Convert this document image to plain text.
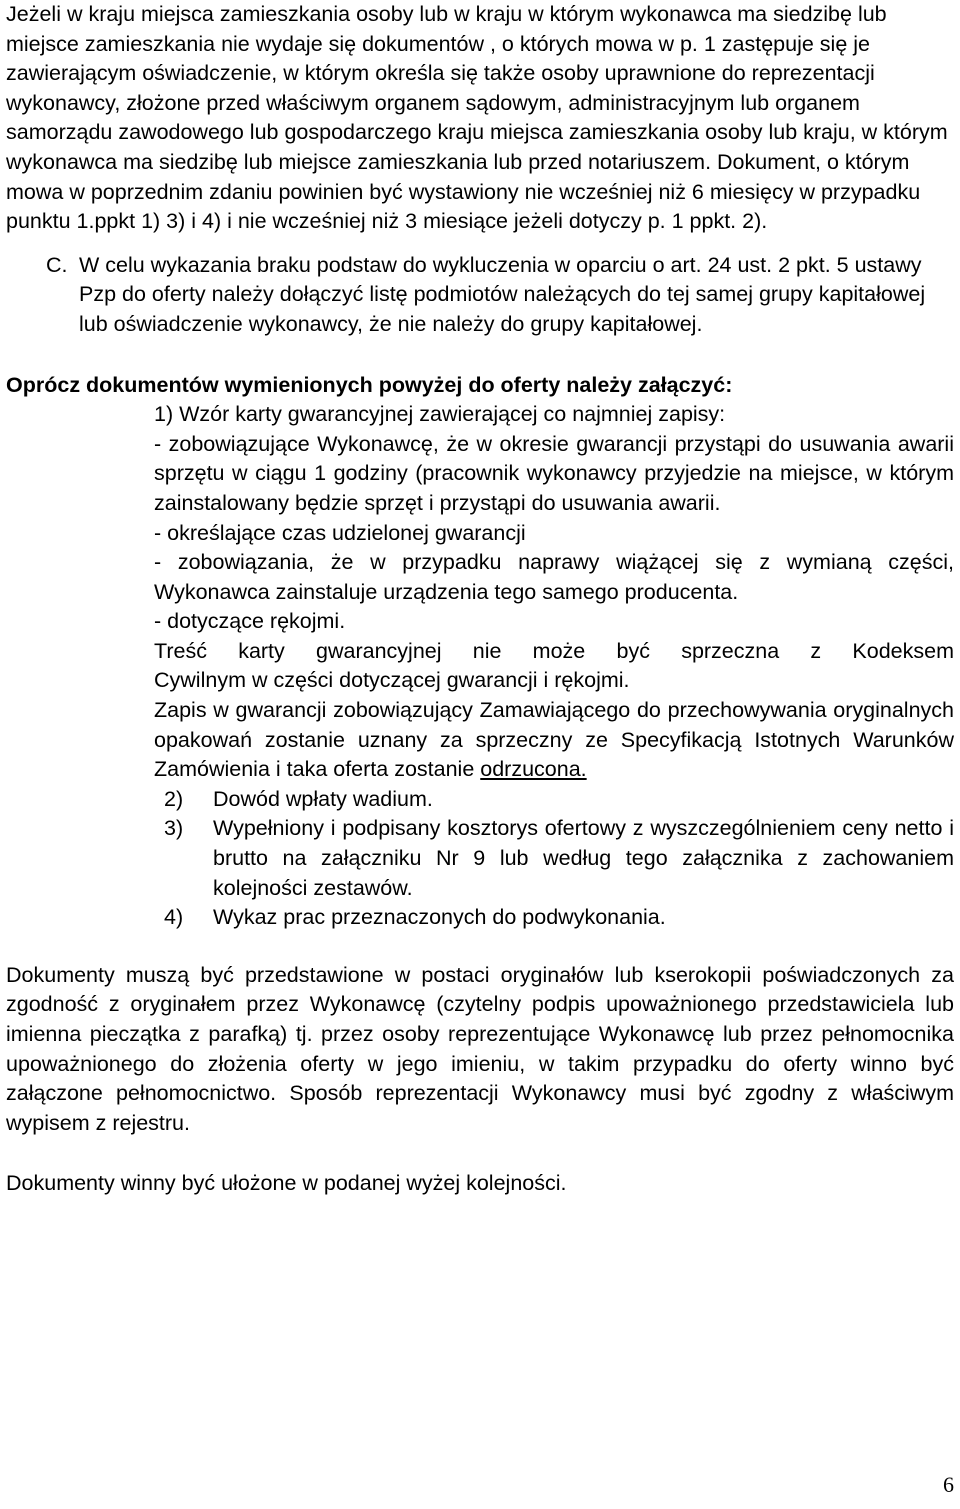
Jeżeli w kraju miejsca zamieszkania osoby lub w kraju w którym wykonawca ma siedzibę lub miejsce zamieszkania nie wydaje się dokumentów , o których mowa w p. 1 zastępuje się je zawierającym oświadczenie, w którym określa się także osoby uprawnione do reprezentacji wykonawcy, złożone przed właściwym organem sądowym, administracyjnym lub organem samorządu zawodowego lub gospodarczego kraju miejsca zamieszkania osoby lub kraju, w którym wykonawca ma siedzibę lub miejsce zamieszkania lub przed notariuszem. Dokument, o którym mowa w poprzednim zdaniu powinien być wystawiony nie wcześniej niż 6 miesięcy w przypadku punktu 1.ppkt 1) 3) i 4) i nie wcześniej niż 3 miesiące jeżeli dotyczy p. 1 ppkt. 2).

C. W celu wykazania braku podstaw do wykluczenia w oparciu o art. 24 ust. 2 pkt. 5 ustawy Pzp do oferty należy dołączyć listę podmiotów należących do tej samej grupy kapitałowej lub oświadczenie wykonawcy, że nie należy do grupy kapitałowej.
Oprócz dokumentów wymienionych powyżej do oferty należy załączyć:
1) Wzór karty gwarancyjnej zawierającej co najmniej zapisy:
- zobowiązujące Wykonawcę, że w okresie gwarancji przystąpi do usuwania awarii sprzętu w ciągu 1 godziny (pracownik wykonawcy przyjedzie na miejsce, w którym zainstalowany będzie sprzęt i przystąpi do usuwania awarii.
- określające czas udzielonej gwarancji
- zobowiązania, że w przypadku naprawy wiążącej się z wymianą części, Wykonawca zainstaluje urządzenia tego samego producenta.
- dotyczące rękojmi.
Treść karty gwarancyjnej nie może być sprzeczna z Kodeksem
Cywilnym w części dotyczącej gwarancji i rękojmi.
Zapis w gwarancji zobowiązujący Zamawiającego do przechowywania oryginalnych opakowań zostanie uznany za sprzeczny ze Specyfikacją Istotnych Warunków Zamówienia i taka oferta zostanie odrzucona.
2) Dowód wpłaty wadium.
3) Wypełniony i podpisany kosztorys ofertowy z wyszczególnieniem ceny netto i brutto na załączniku Nr 9 lub według tego załącznika z zachowaniem kolejności zestawów.
4) Wykaz prac przeznaczonych do podwykonania.

Dokumenty muszą być przedstawione w postaci oryginałów lub kserokopii poświadczonych za zgodność z oryginałem przez Wykonawcę (czytelny podpis upoważnionego przedstawiciela lub imienna pieczątka z parafką) tj. przez osoby reprezentujące Wykonawcę lub przez pełnomocnika upoważnionego do złożenia oferty w jego imieniu, w takim przypadku do oferty winno być załączone pełnomocnictwo. Sposób reprezentacji Wykonawcy musi być zgodny z właściwym wypisem z rejestru.

Dokumenty winny być ułożone w podanej wyżej kolejności.

6
